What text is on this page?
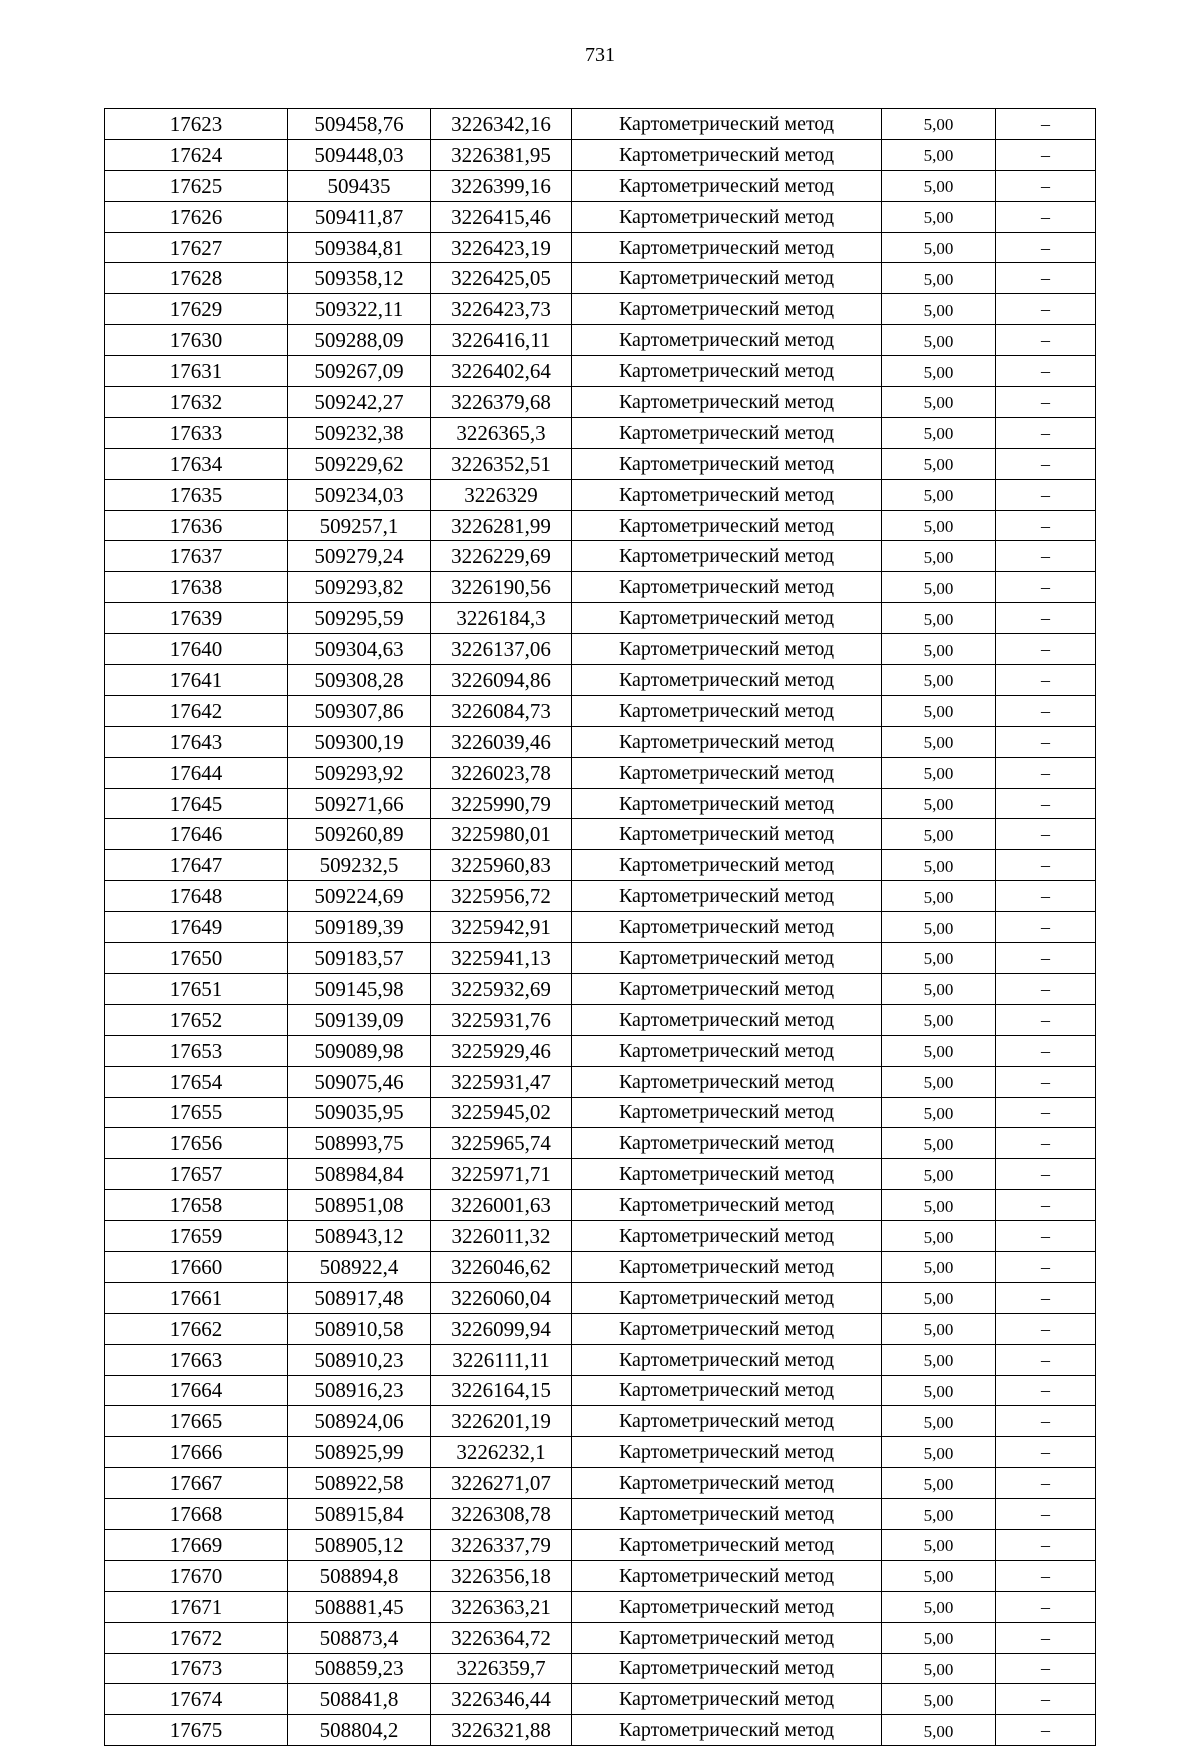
731
17623	509458,76	3226342,16	Картометрический метод	5,00	–
17624	509448,03	3226381,95	Картометрический метод	5,00	–
17625	509435	3226399,16	Картометрический метод	5,00	–
17626	509411,87	3226415,46	Картометрический метод	5,00	–
17627	509384,81	3226423,19	Картометрический метод	5,00	–
17628	509358,12	3226425,05	Картометрический метод	5,00	–
17629	509322,11	3226423,73	Картометрический метод	5,00	–
17630	509288,09	3226416,11	Картометрический метод	5,00	–
17631	509267,09	3226402,64	Картометрический метод	5,00	–
17632	509242,27	3226379,68	Картометрический метод	5,00	–
17633	509232,38	3226365,3	Картометрический метод	5,00	–
17634	509229,62	3226352,51	Картометрический метод	5,00	–
17635	509234,03	3226329	Картометрический метод	5,00	–
17636	509257,1	3226281,99	Картометрический метод	5,00	–
17637	509279,24	3226229,69	Картометрический метод	5,00	–
17638	509293,82	3226190,56	Картометрический метод	5,00	–
17639	509295,59	3226184,3	Картометрический метод	5,00	–
17640	509304,63	3226137,06	Картометрический метод	5,00	–
17641	509308,28	3226094,86	Картометрический метод	5,00	–
17642	509307,86	3226084,73	Картометрический метод	5,00	–
17643	509300,19	3226039,46	Картометрический метод	5,00	–
17644	509293,92	3226023,78	Картометрический метод	5,00	–
17645	509271,66	3225990,79	Картометрический метод	5,00	–
17646	509260,89	3225980,01	Картометрический метод	5,00	–
17647	509232,5	3225960,83	Картометрический метод	5,00	–
17648	509224,69	3225956,72	Картометрический метод	5,00	–
17649	509189,39	3225942,91	Картометрический метод	5,00	–
17650	509183,57	3225941,13	Картометрический метод	5,00	–
17651	509145,98	3225932,69	Картометрический метод	5,00	–
17652	509139,09	3225931,76	Картометрический метод	5,00	–
17653	509089,98	3225929,46	Картометрический метод	5,00	–
17654	509075,46	3225931,47	Картометрический метод	5,00	–
17655	509035,95	3225945,02	Картометрический метод	5,00	–
17656	508993,75	3225965,74	Картометрический метод	5,00	–
17657	508984,84	3225971,71	Картометрический метод	5,00	–
17658	508951,08	3226001,63	Картометрический метод	5,00	–
17659	508943,12	3226011,32	Картометрический метод	5,00	–
17660	508922,4	3226046,62	Картометрический метод	5,00	–
17661	508917,48	3226060,04	Картометрический метод	5,00	–
17662	508910,58	3226099,94	Картометрический метод	5,00	–
17663	508910,23	3226111,11	Картометрический метод	5,00	–
17664	508916,23	3226164,15	Картометрический метод	5,00	–
17665	508924,06	3226201,19	Картометрический метод	5,00	–
17666	508925,99	3226232,1	Картометрический метод	5,00	–
17667	508922,58	3226271,07	Картометрический метод	5,00	–
17668	508915,84	3226308,78	Картометрический метод	5,00	–
17669	508905,12	3226337,79	Картометрический метод	5,00	–
17670	508894,8	3226356,18	Картометрический метод	5,00	–
17671	508881,45	3226363,21	Картометрический метод	5,00	–
17672	508873,4	3226364,72	Картометрический метод	5,00	–
17673	508859,23	3226359,7	Картометрический метод	5,00	–
17674	508841,8	3226346,44	Картометрический метод	5,00	–
17675	508804,2	3226321,88	Картометрический метод	5,00	–
